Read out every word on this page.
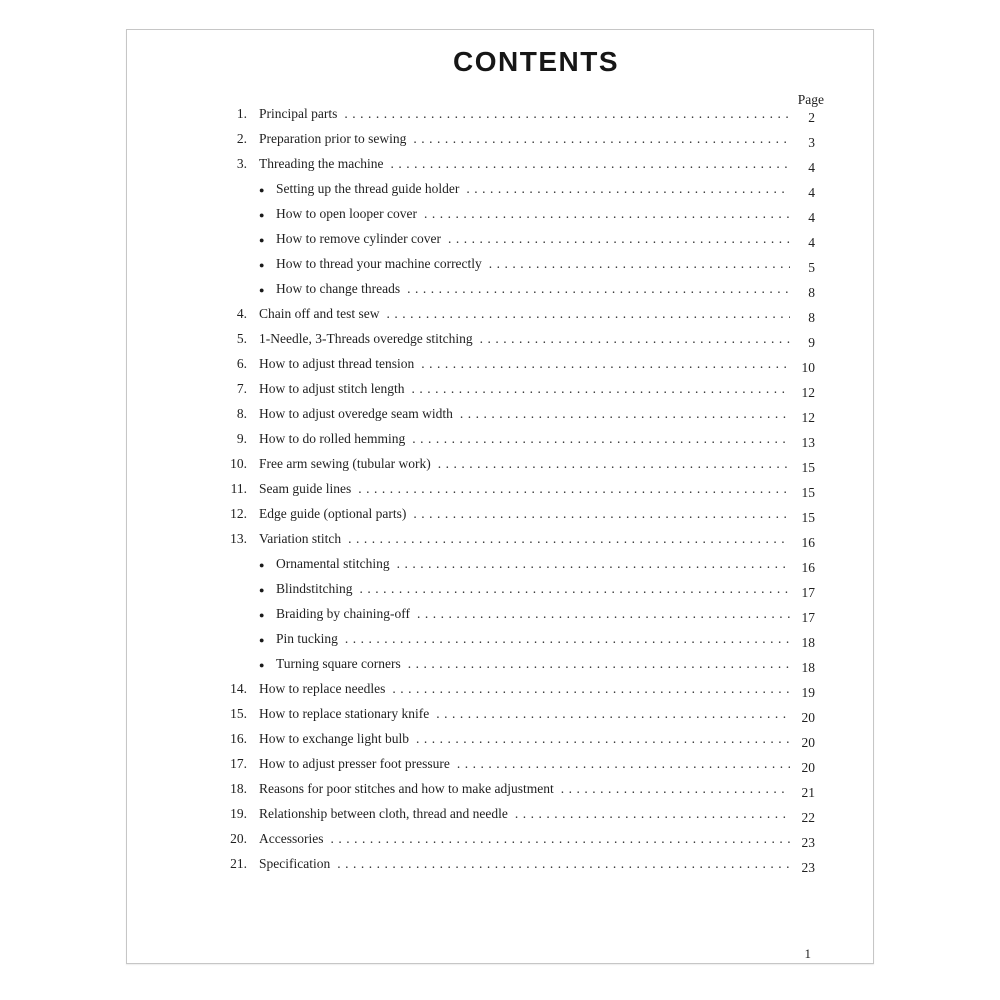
CONTENTS
Page
1. Principal parts .....	2
2. Preparation prior to sewing .....	3
3. Threading the machine .....	4
● Setting up the thread guide holder .....	4
● How to open looper cover .....	4
● How to remove cylinder cover .....	4
● How to thread your machine correctly .....	5
● How to change threads .....	8
4. Chain off and test sew .....	8
5. 1-Needle, 3-Threads overedge stitching .....	9
6. How to adjust thread tension .....	10
7. How to adjust stitch length .....	12
8. How to adjust overedge seam width .....	12
9. How to do rolled hemming .....	13
10. Free arm sewing (tubular work) .....	15
11. Seam guide lines .....	15
12. Edge guide (optional parts) .....	15
13. Variation stitch .....	16
● Ornamental stitching .....	16
● Blindstitching .....	17
● Braiding by chaining-off .....	17
● Pin tucking .....	18
● Turning square corners .....	18
14. How to replace needles .....	19
15. How to replace stationary knife .....	20
16. How to exchange light bulb .....	20
17. How to adjust presser foot pressure .....	20
18. Reasons for poor stitches and how to make adjustment .....	21
19. Relationship between cloth, thread and needle .....	22
20. Accessories .....	23
21. Specification .....	23
1
